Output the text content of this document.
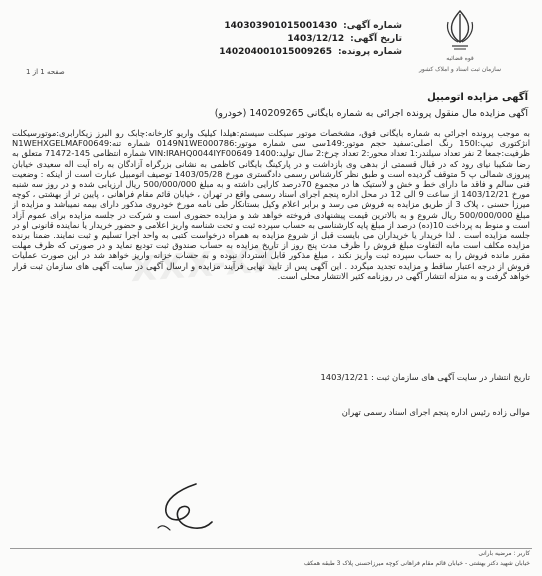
شماره آگهی:
140303901015001430
تاریخ آگهی:
1403/12/12
شماره پرونده:
140204001015009265
قوه قضائیه
سازمان ثبت اسناد و املاک کشور
صفحه 1 از 1
آگهی مزایده اتومبیل
آگهی مزایده مال منقول پرونده اجرائی به شماره بایگانی 140209265 (خودرو)
XXX-XX
به موجب پرونده اجرائی به شماره بایگانی فوق، مشخصات موتور سیکلت سیستم:هیلدا کیلیک واریو کارخانه:چابک رو البرز زیکارابری:موتورسیکلت انژکتوری تیپ:150I رنگ اصلی:سفید حجم موتور:149سی سی شماره موتور:0149N1WE000786 شماره تنه:N1WEHXGELMAF00649 ظرفیت:جمعا 2 نفر تعداد سیلندر:1 تعداد محور:2 تعداد چرخ:2 سال تولید:1400 VIN:IRAHQ0044IYF00649 شماره انتظامی 145-71472 متعلق به رضا شکیبا نیای رود که در قبال قسمتی از بدهی وی بازداشت و در پارکینگ بایگانی کاظمی به نشانی بزرگراه آزادگان به راه آیت اله سعیدی خیابان پیروزی شمالی پ 5 متوقف گردیده است و طبق نظر کارشناس رسمی دادگستری مورخ 1403/05/28 توصیف اتومبیل عبارت است از اینکه : وضعیت فنی سالم و فاقد ما دارای خط و خش و لاستیک ها در مجموع 70درصد کارایی داشته و به مبلغ 500/000/000 ریال ارزیابی شده و در روز سه شنبه مورخ 1403/12/21 از ساعت 9 الی 12 در محل اداره پنجم اجرای اسناد رسمی واقع در تهران ، خیابان قائم مقام فراهانی ، پایین تر از بهشتی ، کوچه میرزا حسنی ، پلاک 3 از طریق مزایده به فروش می رسد و برابر اعلام وکیل بستانکار طی نامه مورخ خودروی مذکور دارای بیمه نمیباشد و مزایده از مبلغ 500/000/000 ریال شروع و به بالاترین قیمت پیشنهادی فروخته خواهد شد و مزایده حضوری است و شرکت در جلسه مزایده برای عموم آزاد است و منوط به پرداخت 10(ده) درصد از مبلغ پایه کارشناسی به حساب سپرده ثبت و تحت شناسه واریز اعلامی و حضور خریدار یا نماینده قانونی او در جلسه مزایده است . لذا خریدار یا خریداران می بایست قبل از شروع مزایده به همراه درخواست کتبی به واحد اجرا تسلیم و ثبت نمایند. ضمنا برنده مزایده مکلف است مابه التفاوت مبلغ فروش را ظرف مدت پنج روز از تاریخ مزایده به حساب صندوق ثبت تودیع نماید و در صورتی که ظرف مهلت مقرر مانده فروش را به حساب سپرده ثبت واریز نکند ، مبلغ مذکور قابل استرداد نبوده و به حساب خزانه واریز خواهد شد در این صورت عملیات فروش از درجه اعتبار ساقط و مزایده تجدید میگردد . این آگهی پس از تایید نهایی فرآیند مزایده و ارسال آگهی در سایت آگهی های سازمان ثبت قرار خواهد گرفت و به منزله انتشار آگهی در روزنامه کثیر الانتشار محلی است.
تاریخ انتشار در سایت آگهی های سازمان ثبت : 1403/12/21
موالی زاده رئیس اداره پنجم اجرای اسناد رسمی تهران
کاربر : مرضیه بارانی
خیابان شهید دکتر بهشتی - خیابان قائم مقام فراهانی کوچه میرزاحسنی پلاک 3 طبقه همکف
